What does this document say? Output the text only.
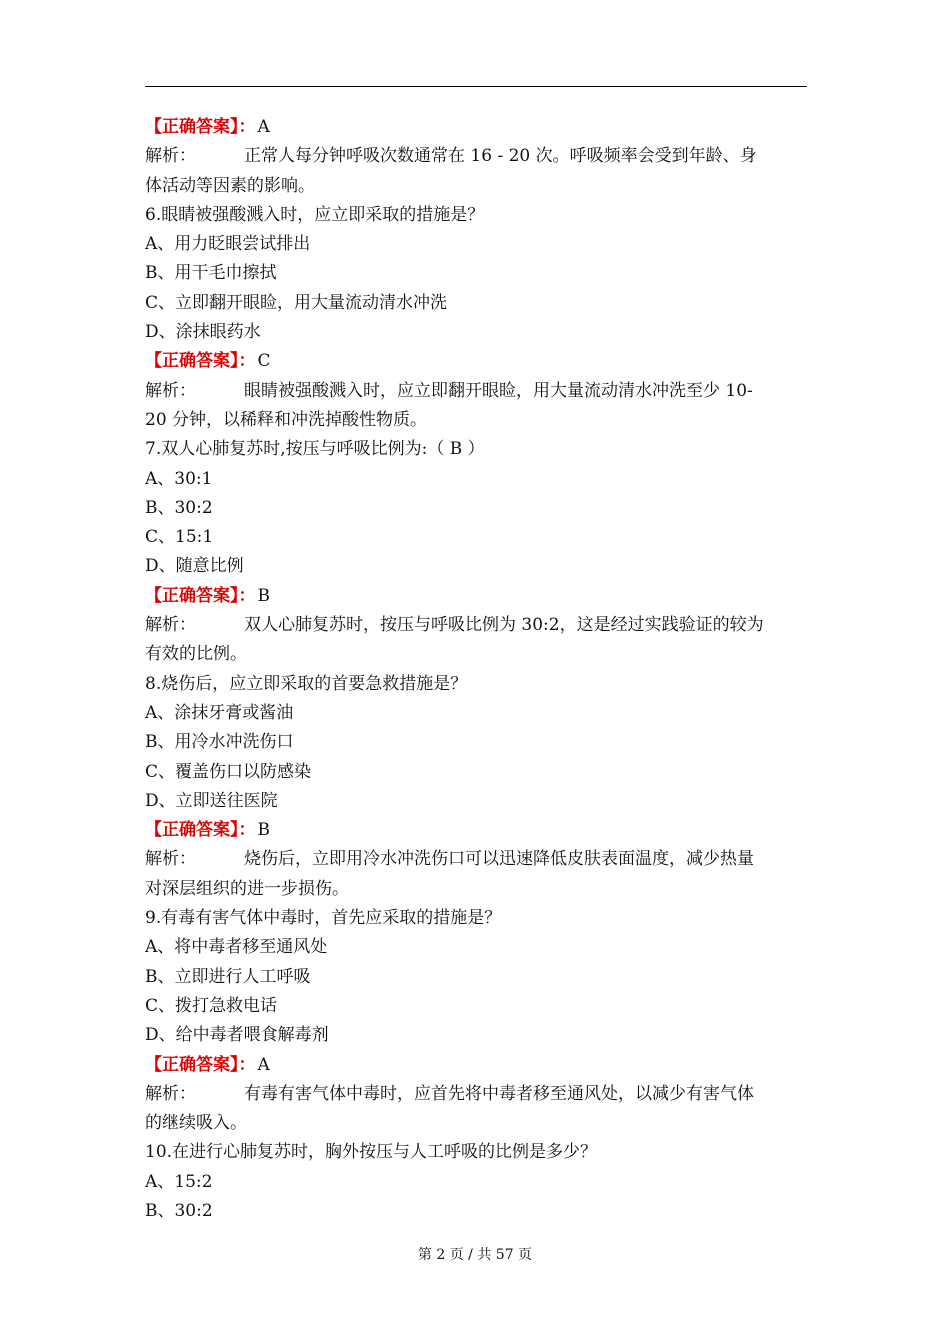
【正确答案】： A
解析：	正常人每分钟呼吸次数通常在 16 - 20 次。呼吸频率会受到年龄、身
体活动等因素的影响。
6.眼睛被强酸溅入时，应立即采取的措施是？
A、用力眨眼尝试排出
B、用干毛巾擦拭
C、立即翻开眼睑，用大量流动清水冲洗
D、涂抹眼药水
【正确答案】： C
解析：	眼睛被强酸溅入时，应立即翻开眼睑，用大量流动清水冲洗至少 10-
20 分钟，以稀释和冲洗掉酸性物质。
7.双人心肺复苏时,按压与呼吸比例为:（ B ）
A、30:1
B、30:2
C、15:1
D、随意比例
【正确答案】： B
解析：	双人心肺复苏时，按压与呼吸比例为 30:2，这是经过实践验证的较为
有效的比例。
8.烧伤后，应立即采取的首要急救措施是？
A、涂抹牙膏或酱油
B、用冷水冲洗伤口
C、覆盖伤口以防感染
D、立即送往医院
【正确答案】： B
解析：	烧伤后，立即用冷水冲洗伤口可以迅速降低皮肤表面温度，减少热量
对深层组织的进一步损伤。
9.有毒有害气体中毒时，首先应采取的措施是？
A、将中毒者移至通风处
B、立即进行人工呼吸
C、拨打急救电话
D、给中毒者喂食解毒剂
【正确答案】： A
解析：	有毒有害气体中毒时，应首先将中毒者移至通风处，以减少有害气体
的继续吸入。
10.在进行心肺复苏时，胸外按压与人工呼吸的比例是多少？
A、15:2
B、30:2
第 2 页 / 共 57 页
